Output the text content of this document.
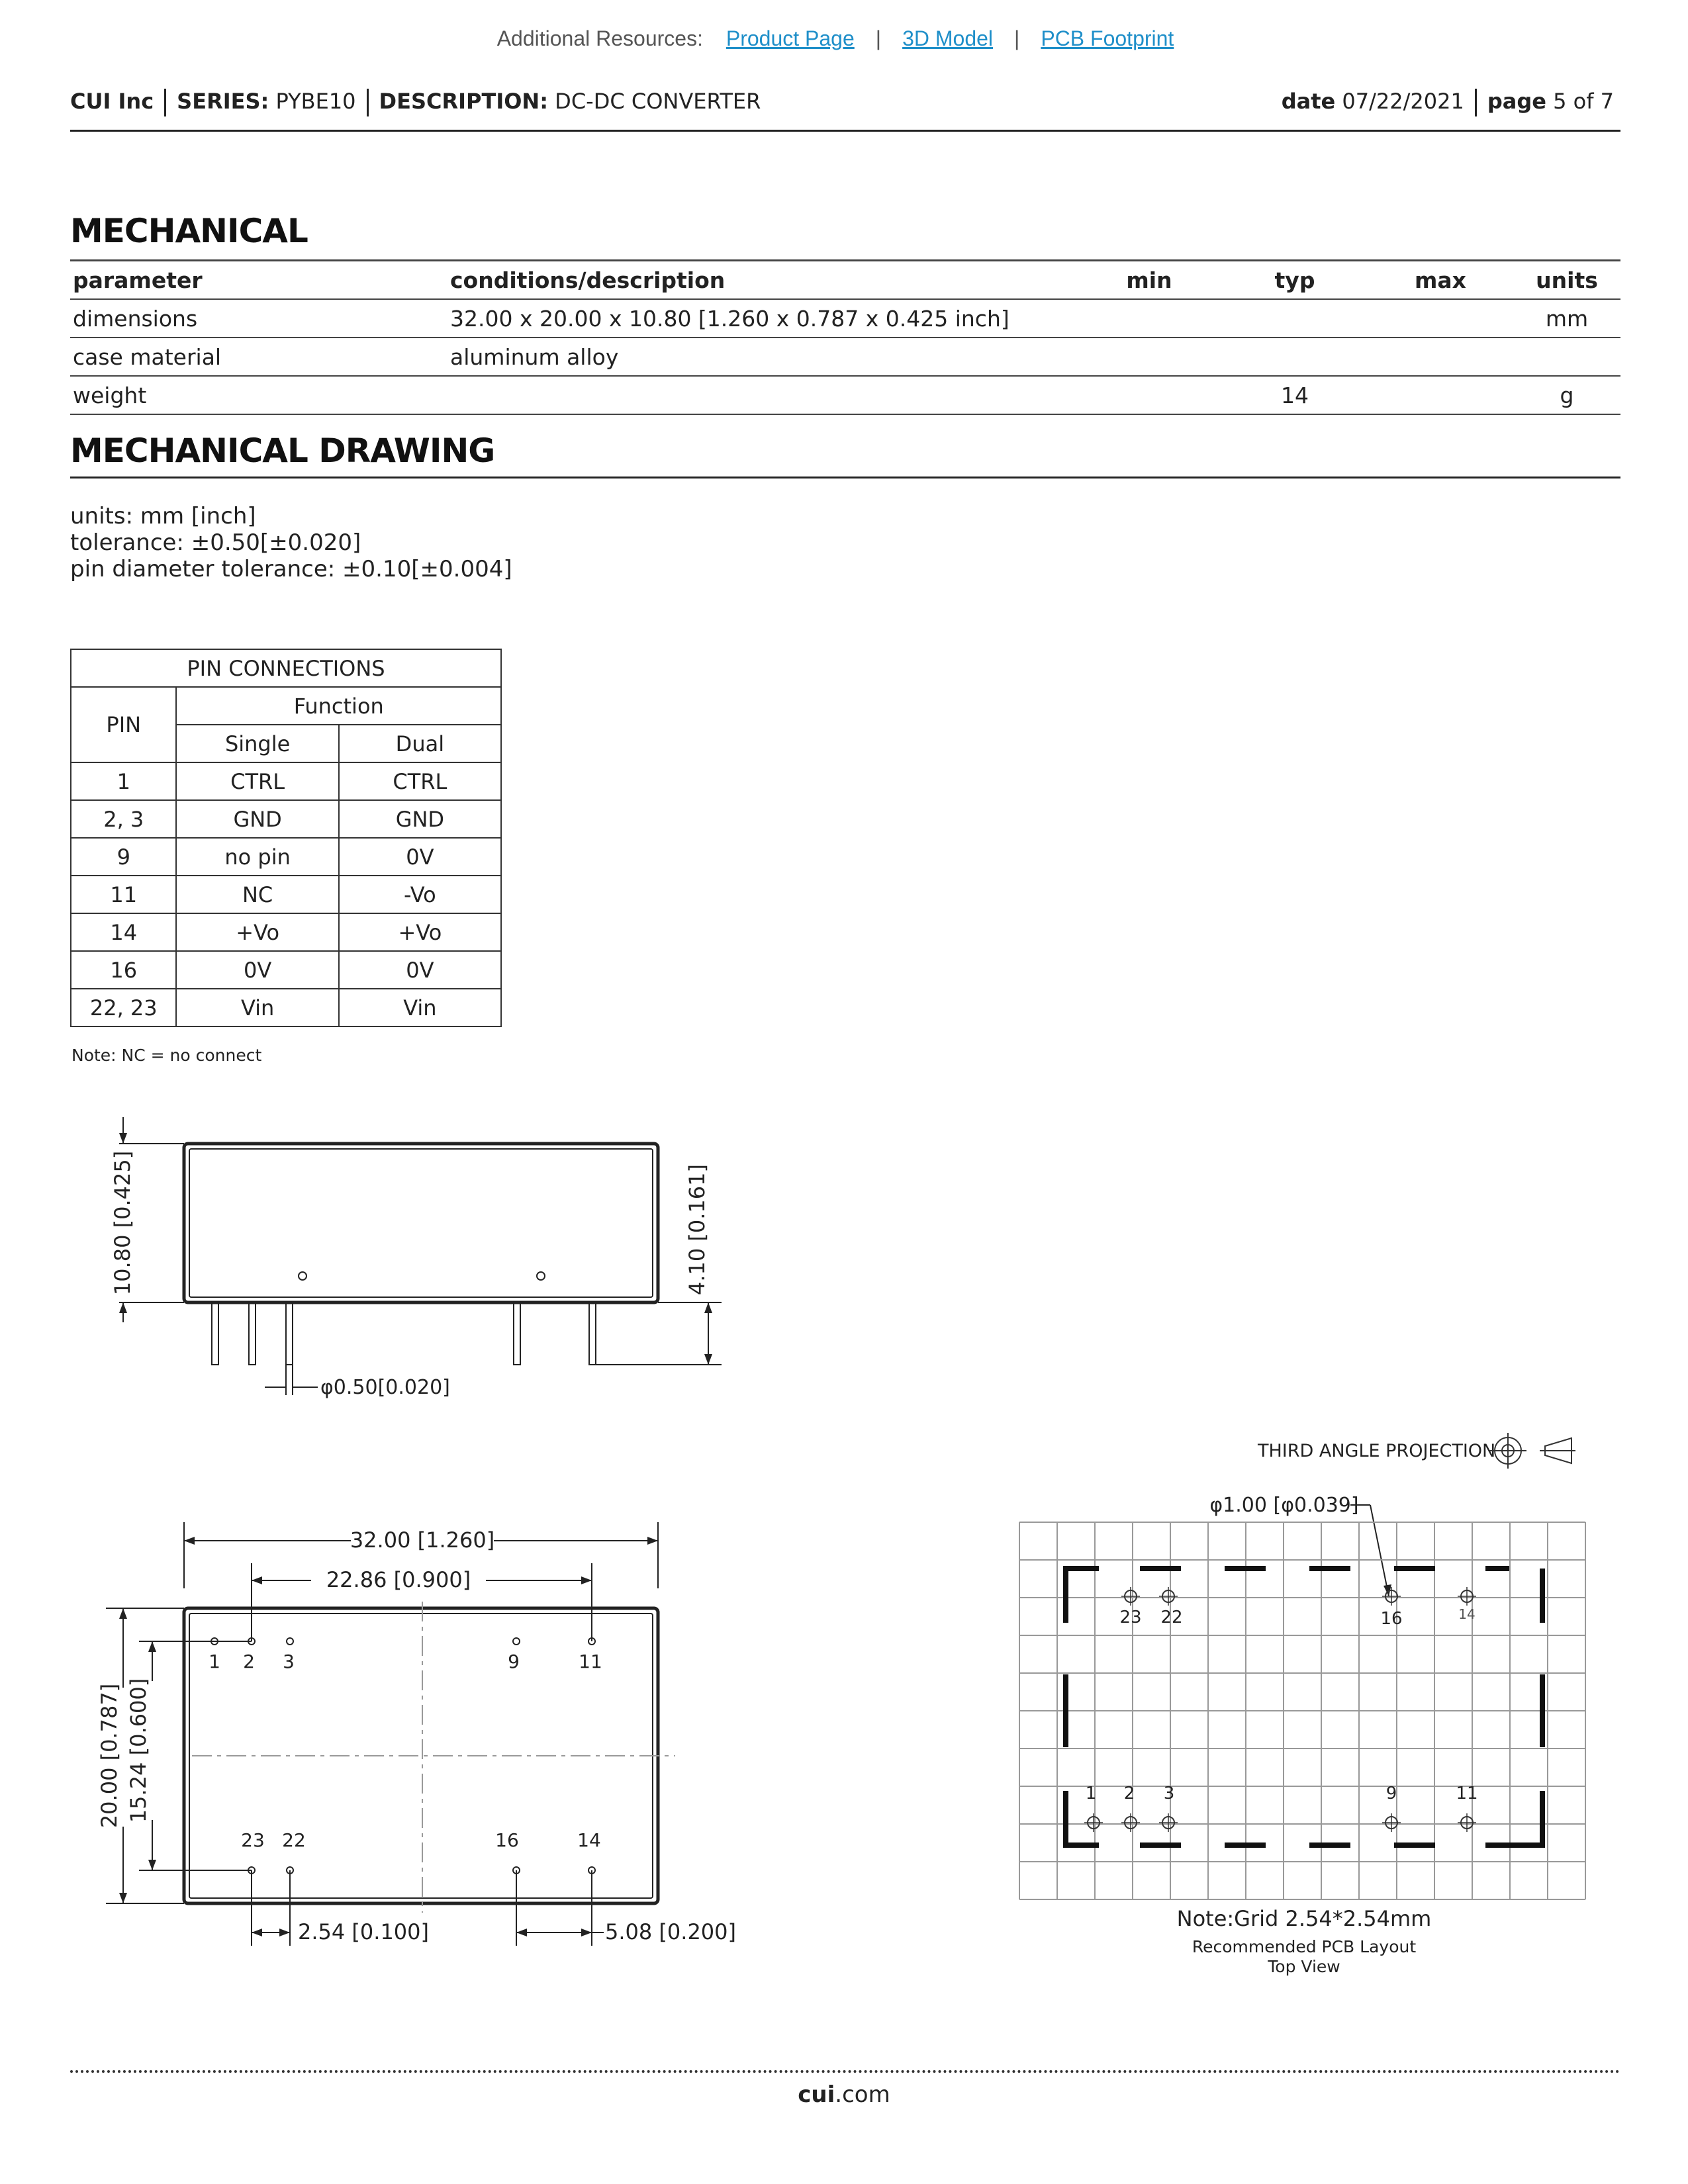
Additional Resources: Product Page | 3D Model | PCB Footprint
CUI Inc SERIES: PYBE10 DESCRIPTION: DC-DC CONVERTER	date 07/22/2021 page 5 of 7
MECHANICAL
parameter	conditions/description	min	typ	max	units
dimensions	32.00 x 20.00 x 10.80 [1.260 x 0.787 x 0.425 inch]				mm
case material	aluminum alloy				
weight			14		g
MECHANICAL DRAWING
units: mm [inch]
tolerance: ±0.50[±0.020]
pin diameter tolerance: ±0.10[±0.004]
PIN CONNECTIONS		
PIN	Function	
	Single	Dual
1	CTRL	CTRL
2, 3	GND	GND
9	no pin	0V
11	NC	-Vo
14	+Vo	+Vo
16	0V	0V
22, 23	Vin	Vin
Note: NC = no connect
10.80 [0.425]	4.10 [0.161]
φ0.50[0.020]
32.00 [1.260]
22.86 [0.900]
20.00 [0.787] 15.24 [0.600]
2.54 [0.100]	5.08 [0.200]
1 2 3	9	11
23 22	16	14
THIRD ANGLE PROJECTION
φ1.00 [φ0.039]
23 22	16	14
1 2 3	9	11
Note:Grid 2.54*2.54mm
Recommended PCB Layout
Top View
cui.com
